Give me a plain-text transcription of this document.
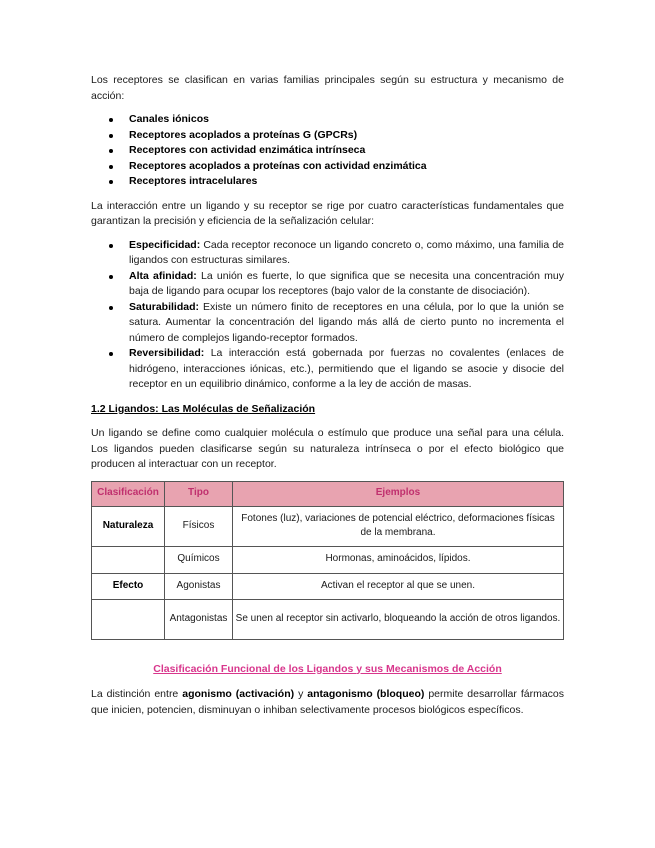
Los receptores se clasifican en varias familias principales según su estructura y mecanismo de acción:

Canales iónicos
Receptores acoplados a proteínas G (GPCRs)
Receptores con actividad enzimática intrínseca
Receptores acoplados a proteínas con actividad enzimática
Receptores intracelulares

La interacción entre un ligando y su receptor se rige por cuatro características fundamentales que garantizan la precisión y eficiencia de la señalización celular:

Especificidad: Cada receptor reconoce un ligando concreto o, como máximo, una familia de ligandos con estructuras similares.
Alta afinidad: La unión es fuerte, lo que significa que se necesita una concentración muy baja de ligando para ocupar los receptores (bajo valor de la constante de disociación).
Saturabilidad: Existe un número finito de receptores en una célula, por lo que la unión se satura. Aumentar la concentración del ligando más allá de cierto punto no incrementa el número de complejos ligando-receptor formados.
Reversibilidad: La interacción está gobernada por fuerzas no covalentes (enlaces de hidrógeno, interacciones iónicas, etc.), permitiendo que el ligando se asocie y disocie del receptor en un equilibrio dinámico, conforme a la ley de acción de masas.
1.2 Ligandos: Las Moléculas de Señalización

Un ligando se define como cualquier molécula o estímulo que produce una señal para una célula. Los ligandos pueden clasificarse según su naturaleza intrínseca o por el efecto biológico que producen al interactuar con un receptor.

Clasificación	Tipo	Ejemplos
Naturaleza	Físicos	Fotones (luz), variaciones de potencial eléctrico, deformaciones físicas de la membrana.
	Químicos	Hormonas, aminoácidos, lípidos.
Efecto	Agonistas	Activan el receptor al que se unen.
	Antagonistas	Se unen al receptor sin activarlo, bloqueando la acción de otros ligandos.
Clasificación Funcional de los Ligandos y sus Mecanismos de Acción

La distinción entre agonismo (activación) y antagonismo (bloqueo) permite desarrollar fármacos que inicien, potencien, disminuyan o inhiban selectivamente procesos biológicos específicos.
